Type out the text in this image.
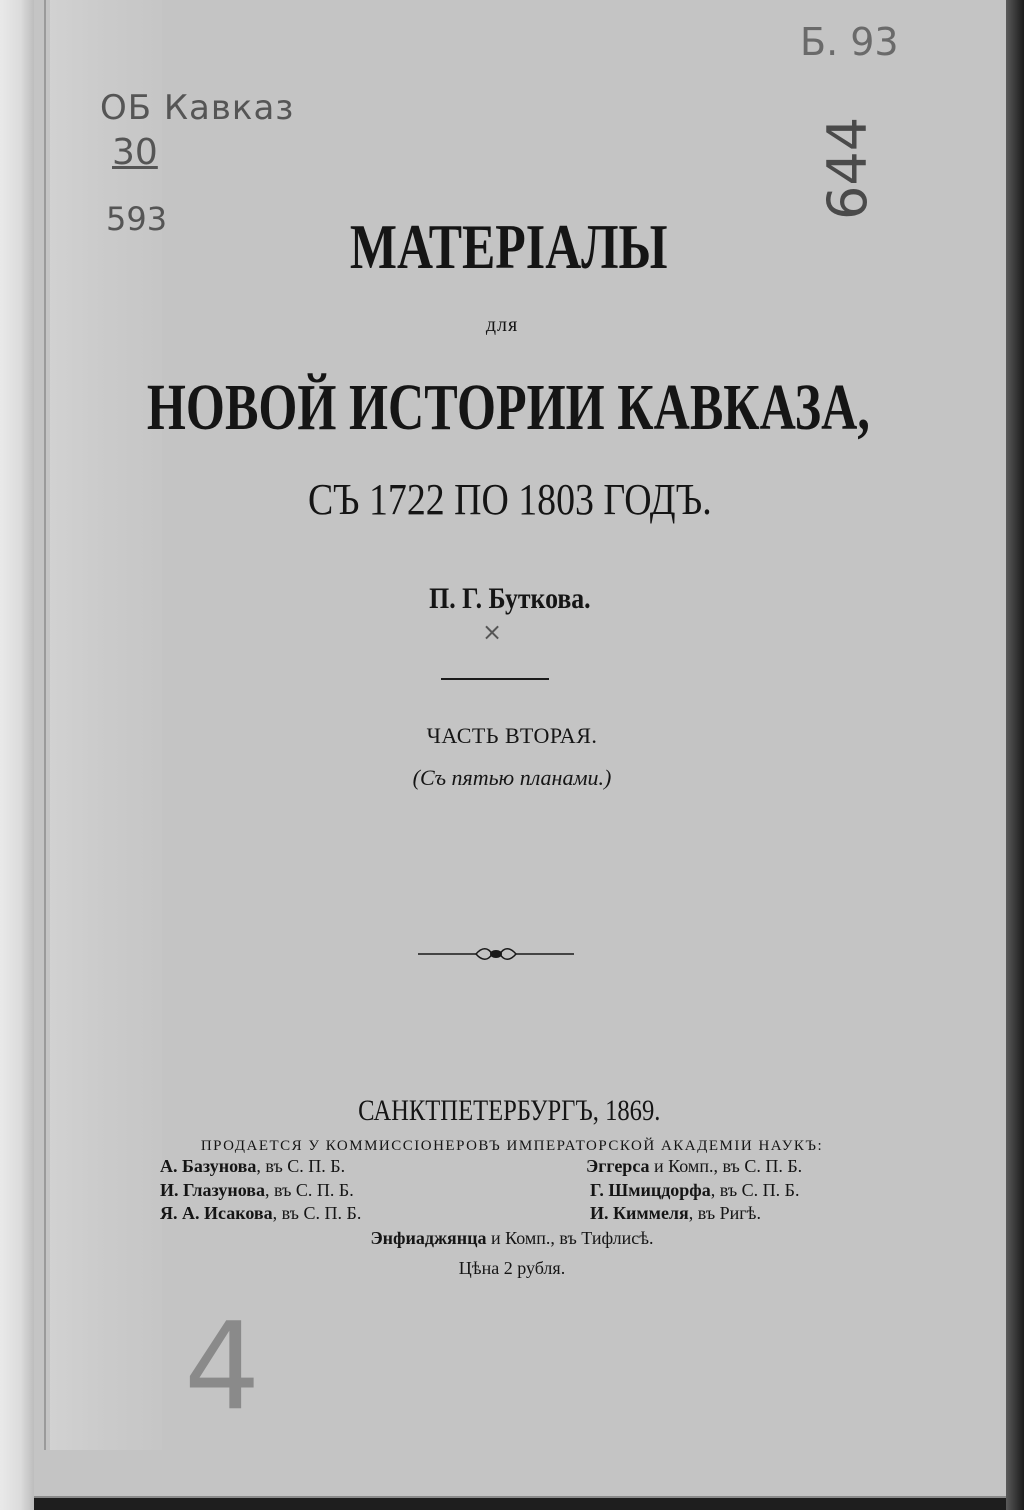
ОБ Кавказ
30
593
Б. 93
644
4
×
МАТЕРІАЛЫ
для
НОВОЙ ИСТОРИИ КАВКАЗА,
СЪ 1722 ПО 1803 ГОДЪ.
П. Г. Буткова.
ЧАСТЬ ВТОРАЯ.
(Съ пятью планами.)
САНКТПЕТЕРБУРГЪ, 1869.
ПРОДАЕТСЯ У КОММИССІОНЕРОВЪ ИМПЕРАТОРСКОЙ АКАДЕМІИ НАУКЪ:
А. Базунова, въ С. П. Б.
И. Глазунова, въ С. П. Б.
Я. А. Исакова, въ С. П. Б.
Эггерса и Комп., въ С. П. Б.
Г. Шмицдорфа, въ С. П. Б.
И. Киммеля, въ Ригѣ.
Энфиаджянца и Комп., въ Тифлисѣ.
Цѣна 2 рубля.
